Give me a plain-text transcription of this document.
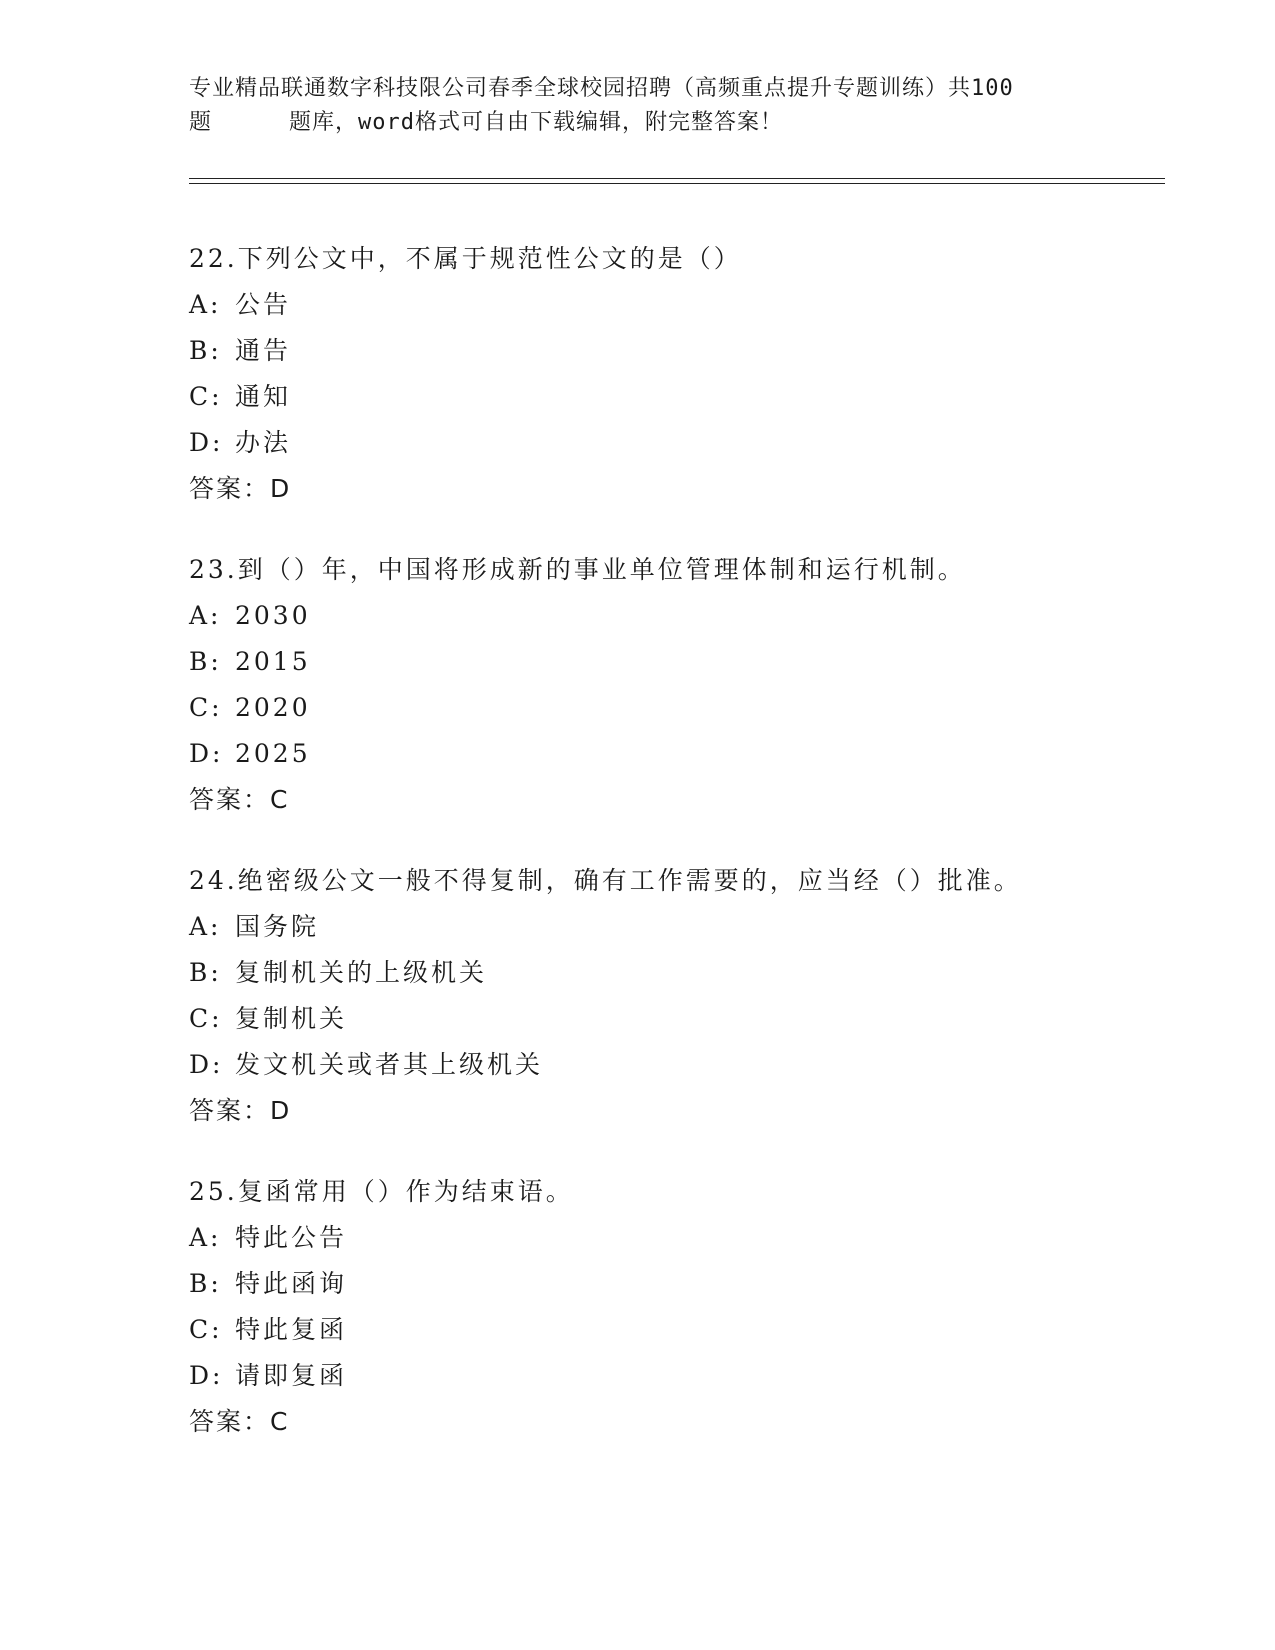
专业精品联通数字科技限公司春季全球校园招聘（高频重点提升专题训练）共100
题	题库，word格式可自由下载编辑，附完整答案！
22.下列公文中，不属于规范性公文的是（）
A: 公告
B: 通告
C: 通知
D: 办法
答案：D
23.到（）年，中国将形成新的事业单位管理体制和运行机制。
A: 2030
B: 2015
C: 2020
D: 2025
答案：C
24.绝密级公文一般不得复制，确有工作需要的，应当经（）批准。
A: 国务院
B: 复制机关的上级机关
C: 复制机关
D: 发文机关或者其上级机关
答案：D
25.复函常用（）作为结束语。
A: 特此公告
B: 特此函询
C: 特此复函
D: 请即复函
答案：C
